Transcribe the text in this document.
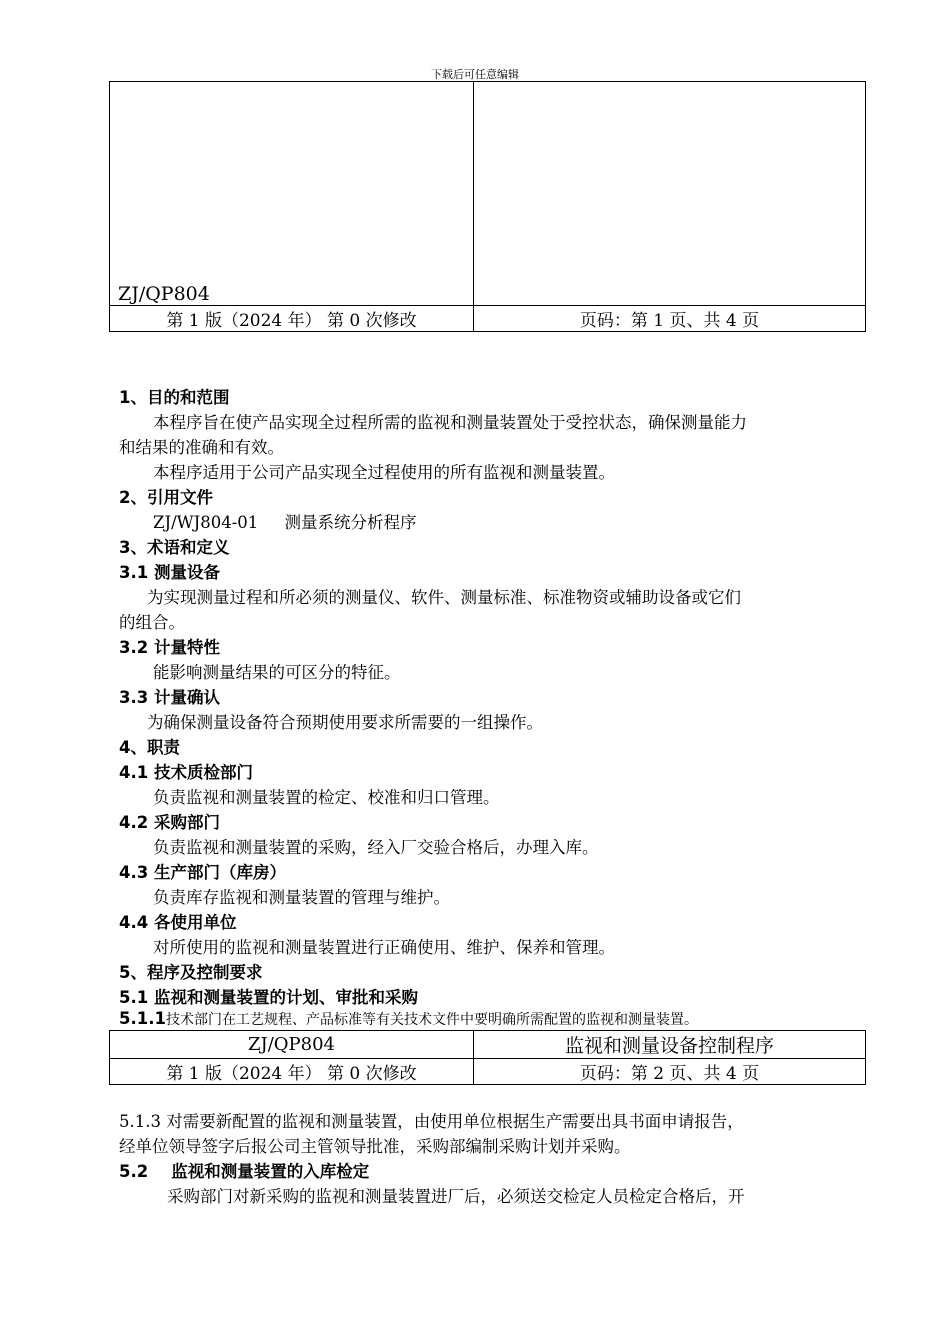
下载后可任意编辑
ZJ/QP804	
第 1 版（2024 年） 第 0 次修改	页码：第 1 页、共 4 页
1、目的和范围
本程序旨在使产品实现全过程所需的监视和测量装置处于受控状态，确保测量能力
和结果的准确和有效。
本程序适用于公司产品实现全过程使用的所有监视和测量装置。
2、引用文件
ZJ/WJ804-01     测量系统分析程序
3、术语和定义
3.1 测量设备
为实现测量过程和所必须的测量仪、软件、测量标准、标准物资或辅助设备或它们
的组合。
3.2 计量特性
能影响测量结果的可区分的特征。
3.3 计量确认
为确保测量设备符合预期使用要求所需要的一组操作。
4、职责
4.1 技术质检部门
负责监视和测量装置的检定、校准和归口管理。
4.2 采购部门
负责监视和测量装置的采购，经入厂交验合格后，办理入库。
4.3 生产部门（库房）
负责库存监视和测量装置的管理与维护。
4.4 各使用单位
对所使用的监视和测量装置进行正确使用、维护、保养和管理。
5、程序及控制要求
5.1 监视和测量装置的计划、审批和采购
5.1.1技术部门在工艺规程、产品标准等有关技术文件中要明确所需配置的监视和测量装置。
ZJ/QP804	监视和测量设备控制程序
第 1 版（2024 年） 第 0 次修改	页码：第 2 页、共 4 页
5.1.3 对需要新配置的监视和测量装置，由使用单位根据生产需要出具书面申请报告，
经单位领导签字后报公司主管领导批准，采购部编制采购计划并采购。
5.2    监视和测量装置的入库检定
采购部门对新采购的监视和测量装置进厂后，必须送交检定人员检定合格后，开
